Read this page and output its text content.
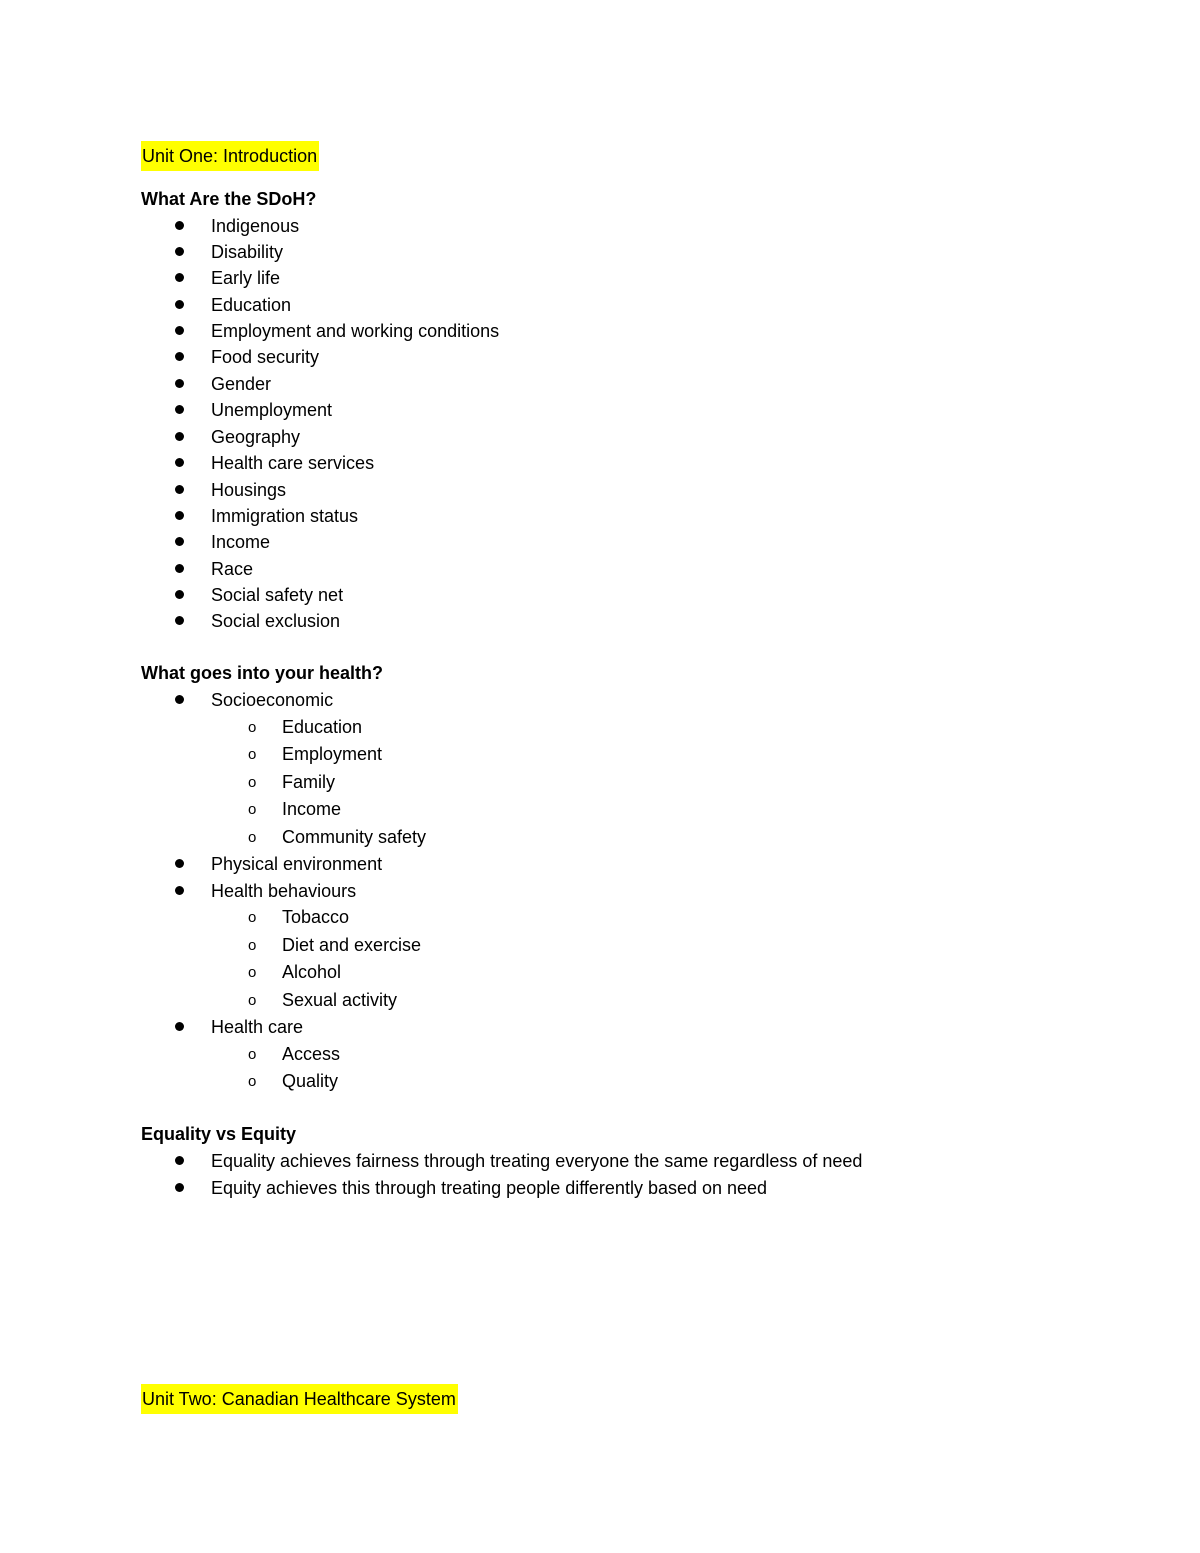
Unit One: Introduction
What Are the SDoH?
Indigenous
Disability
Early life
Education
Employment and working conditions
Food security
Gender
Unemployment
Geography
Health care services
Housings
Immigration status
Income
Race
Social safety net
Social exclusion
What goes into your health?
Socioeconomic
o Education
o Employment
o Family
o Income
o Community safety
Physical environment
Health behaviours
o Tobacco
o Diet and exercise
o Alcohol
o Sexual activity
Health care
o Access
o Quality
Equality vs Equity
Equality achieves fairness through treating everyone the same regardless of need
Equity achieves this through treating people differently based on need
Unit Two: Canadian Healthcare System
